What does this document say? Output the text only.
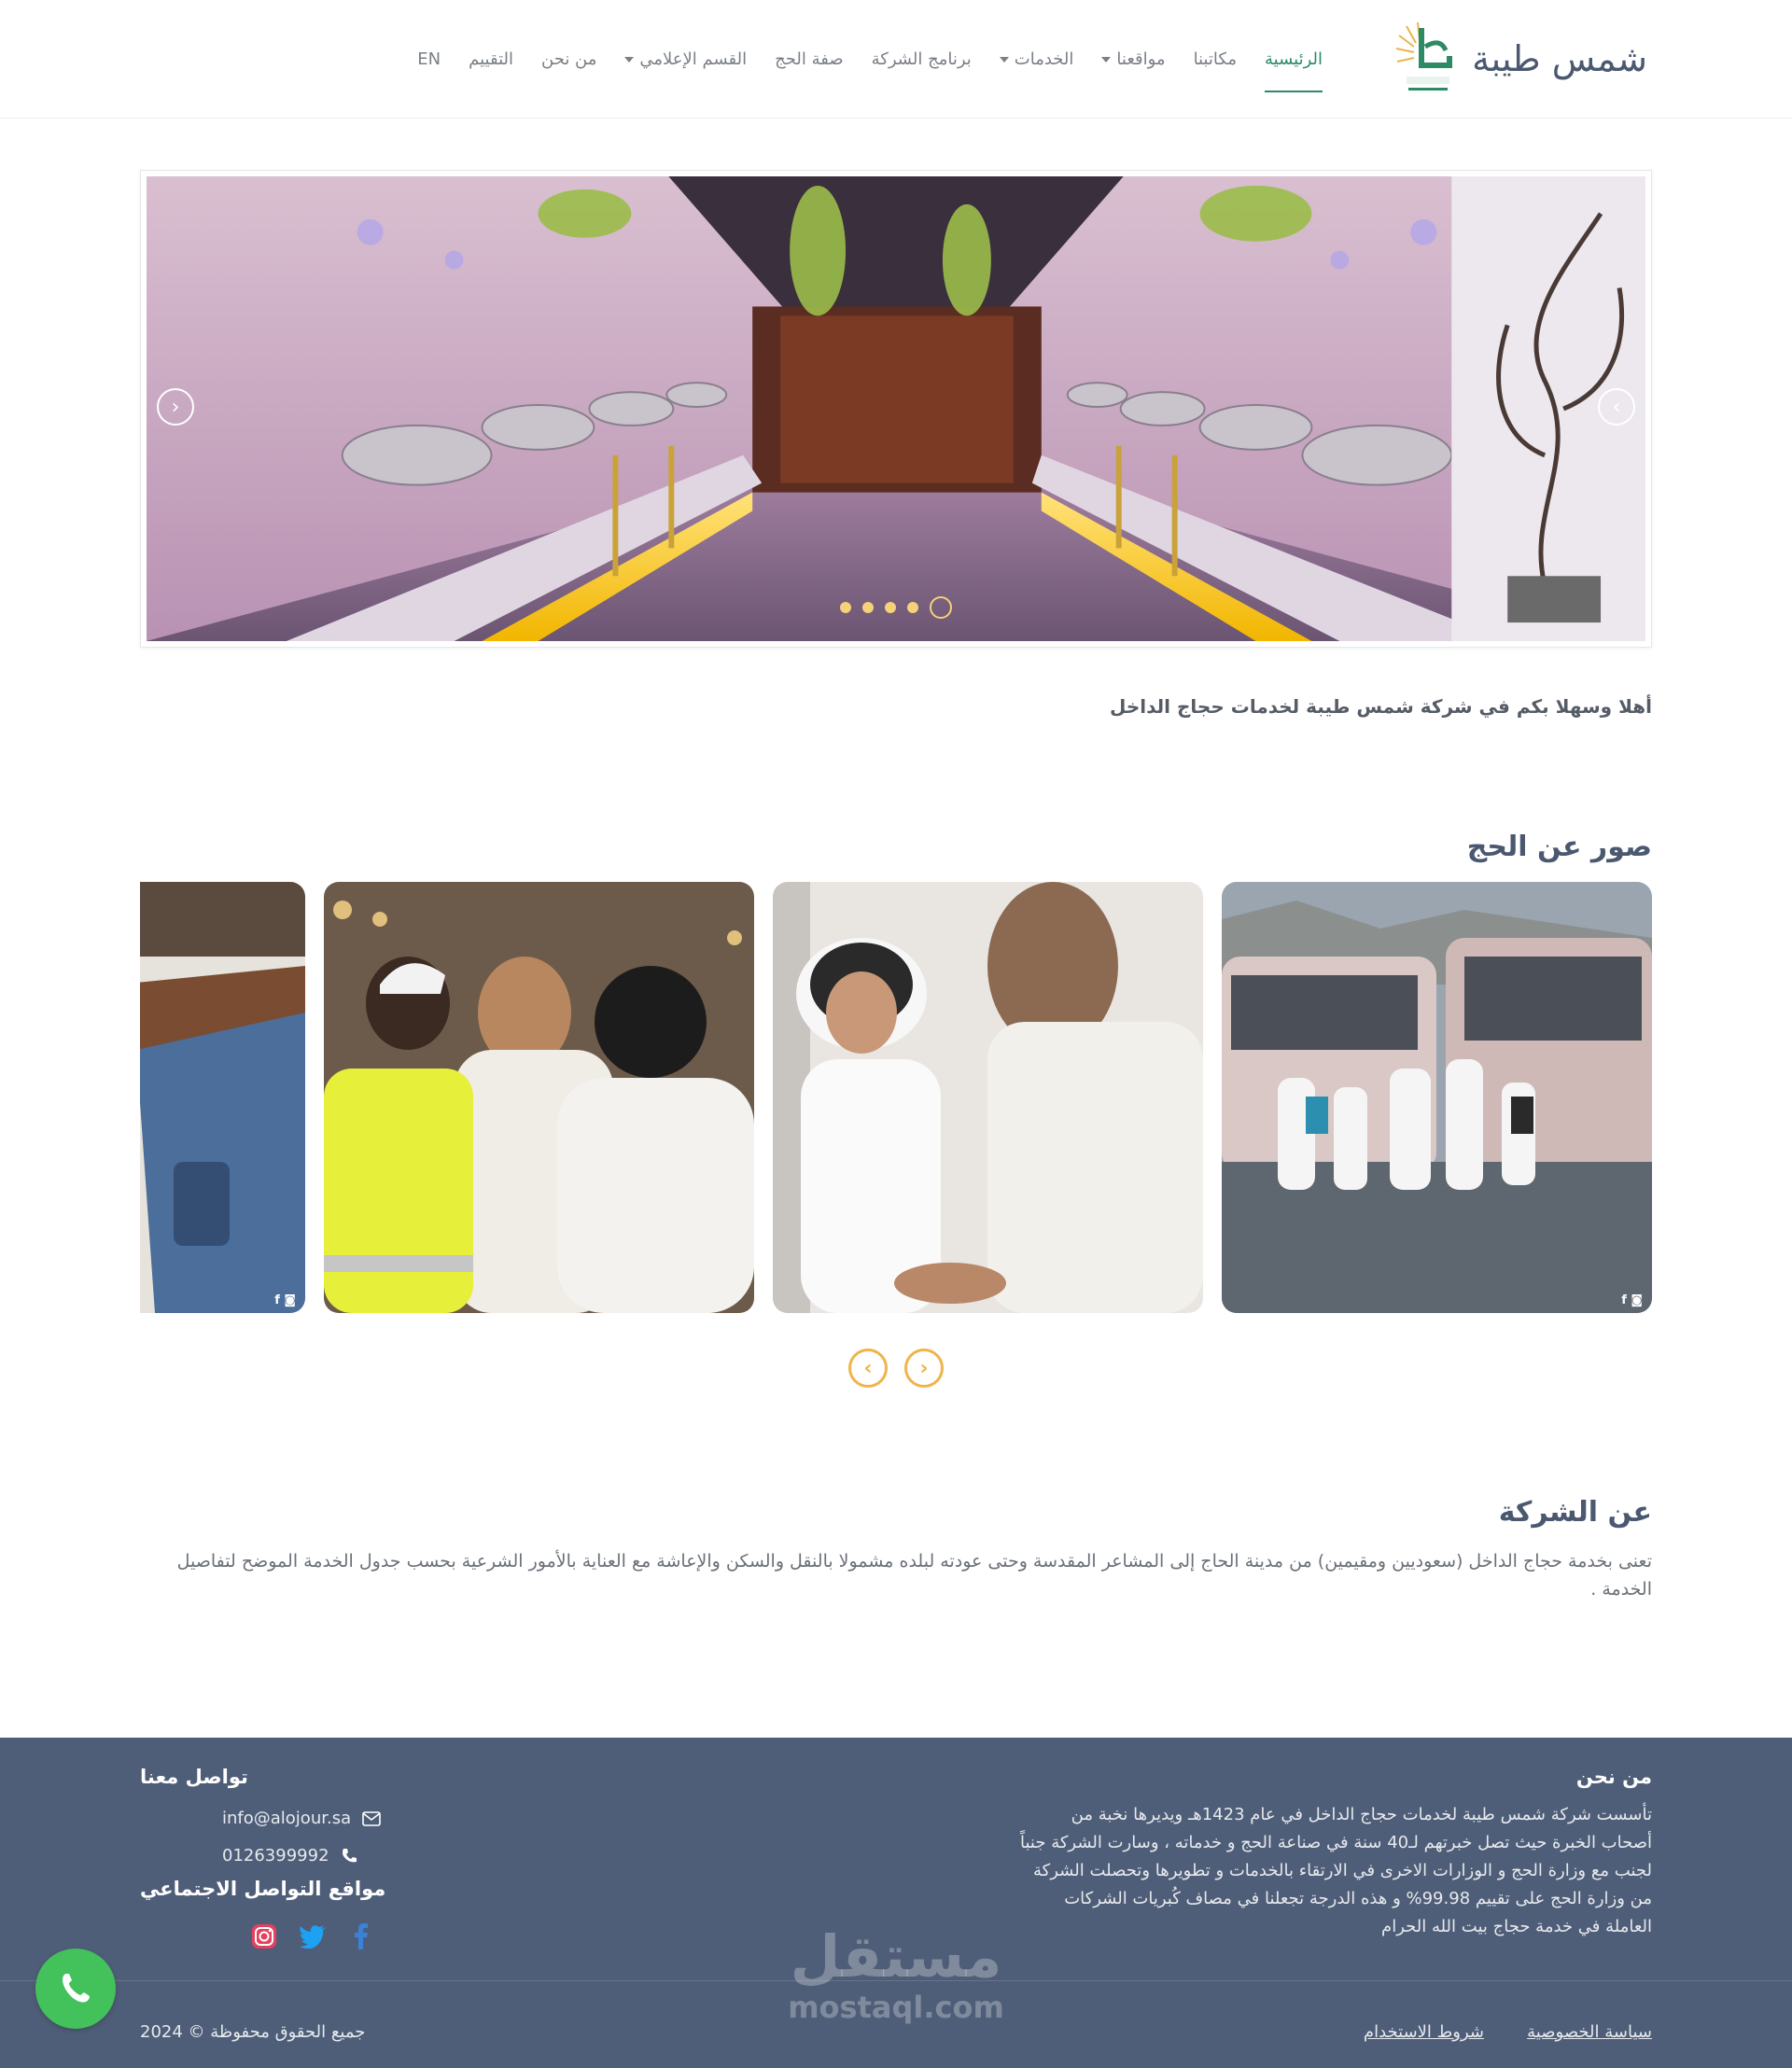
شمس طيبة
الرئيسية
مكاتبنا
مواقعنا
الخدمات
برنامج الشركة
صفة الحج
القسم الإعلامي
من نحن
التقييم
EN
‹	›
أهلا وسهلا بكم في شركة شمس طيبة لخدمات حجاج الداخل
صور عن الحج
f ◙
f ◙
‹ ›
عن الشركة
تعنى بخدمة حجاج الداخل (سعوديين ومقيمين) من مدينة الحاج إلى المشاعر المقدسة وحتى عودته لبلده مشمولا بالنقل والسكن والإعاشة مع العناية بالأمور الشرعية بحسب جدول الخدمة الموضح لتفاصيل الخدمة .
من نحن
تأسست شركة شمس طيبة لخدمات حجاج الداخل في عام 1423هـ ويديرها نخبة من أصحاب الخبرة حيث تصل خبرتهم لـ40 سنة في صناعة الحج و خدماته ، وسارت الشركة جنباً لجنب مع وزارة الحج و الوزارات الاخرى في الارتقاء بالخدمات و تطويرها وتحصلت الشركة من وزارة الحج على تقييم 99.98% و هذه الدرجة تجعلنا في مصاف كُبريات الشركات العاملة في خدمة حجاج بيت الله الحرام
تواصل معنا
info@alojour.sa
0126399992
مواقع التواصل الاجتماعي
سياسة الخصوصية
شروط الاستخدام
جميع الحقوق محفوظة © 2024
مستقل
mostaql.com
